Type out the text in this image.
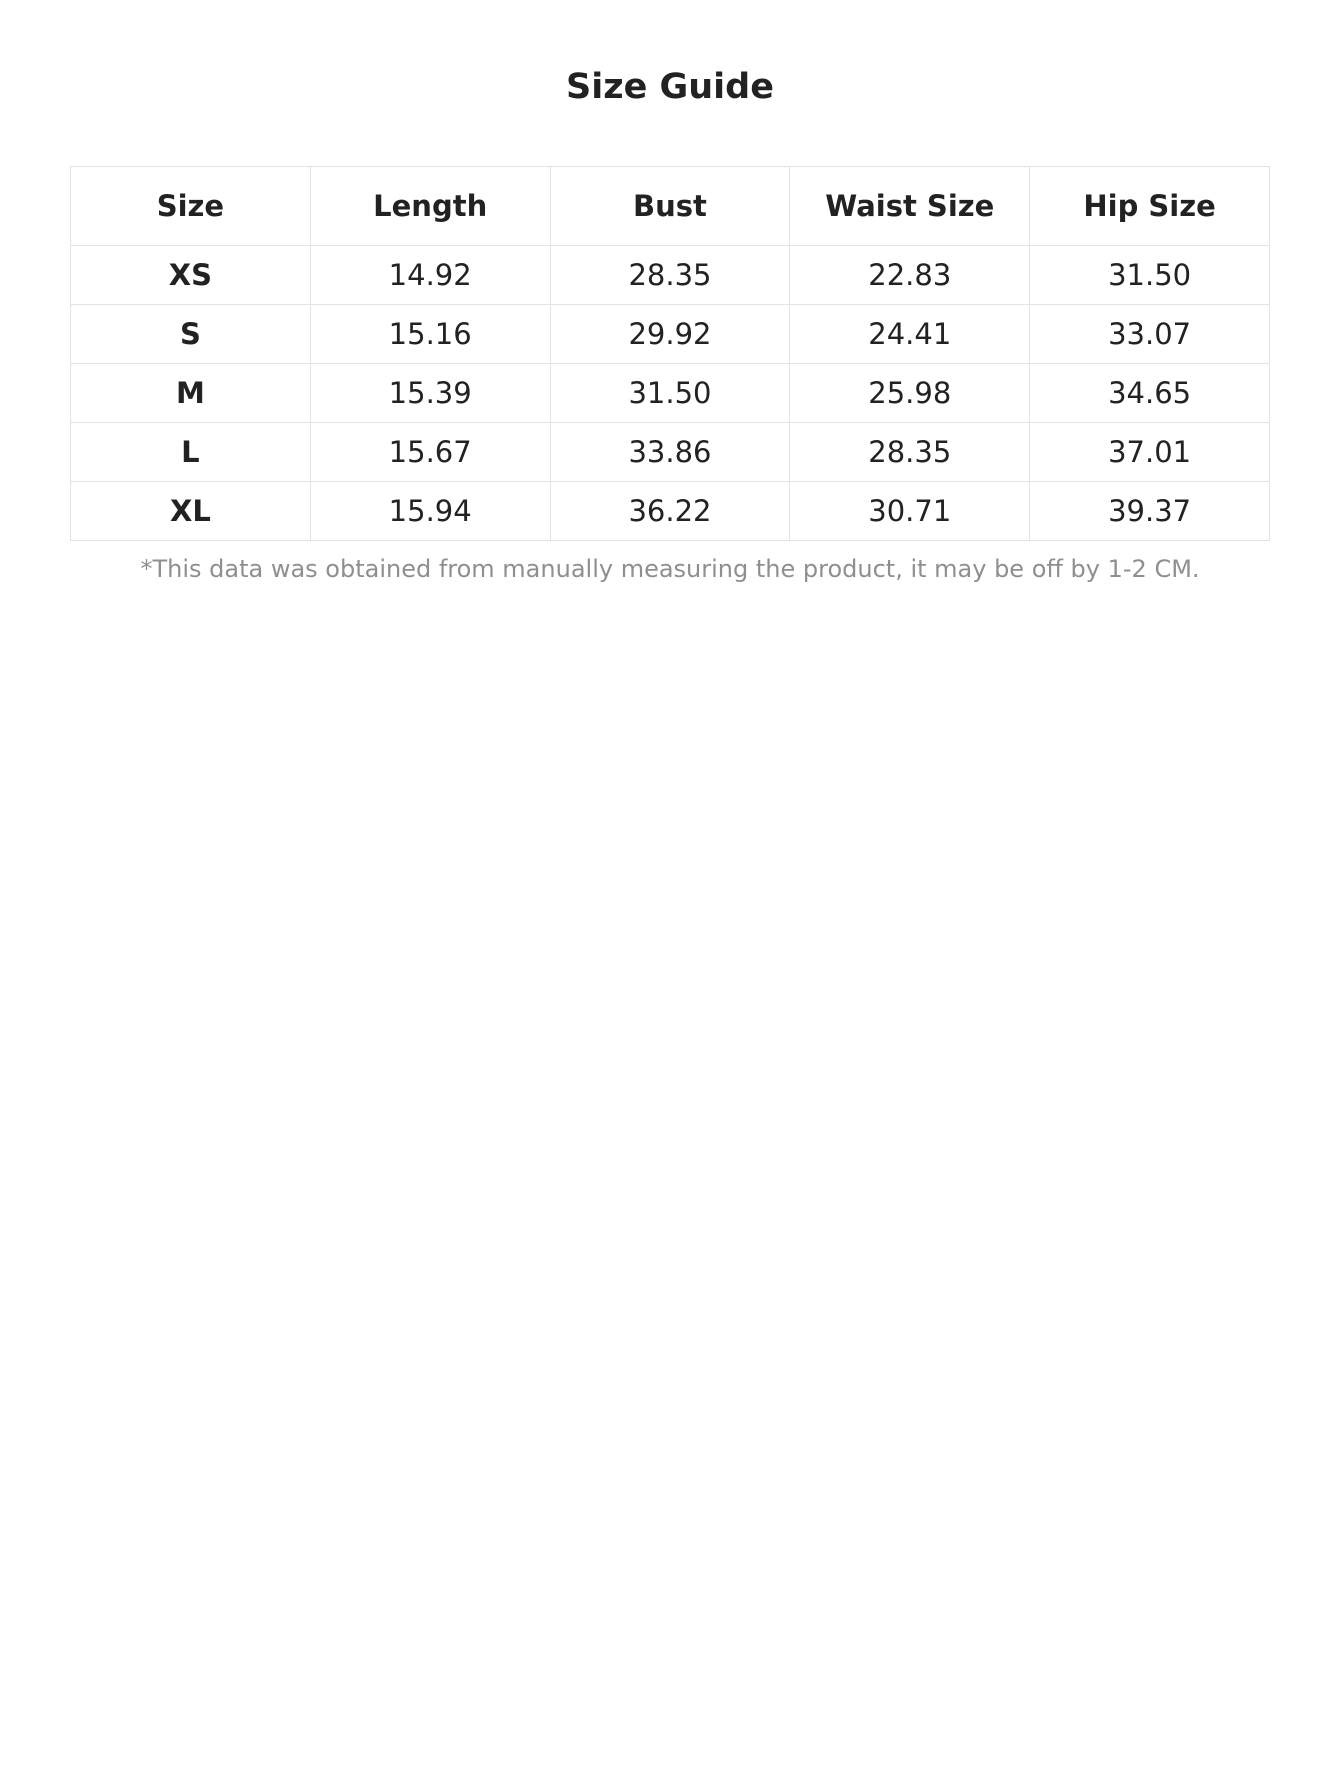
Size Guide
Size	Length	Bust	Waist Size	Hip Size
XS	14.92	28.35	22.83	31.50
S	15.16	29.92	24.41	33.07
M	15.39	31.50	25.98	34.65
L	15.67	33.86	28.35	37.01
XL	15.94	36.22	30.71	39.37

*This data was obtained from manually measuring the product, it may be off by 1-2 CM.
